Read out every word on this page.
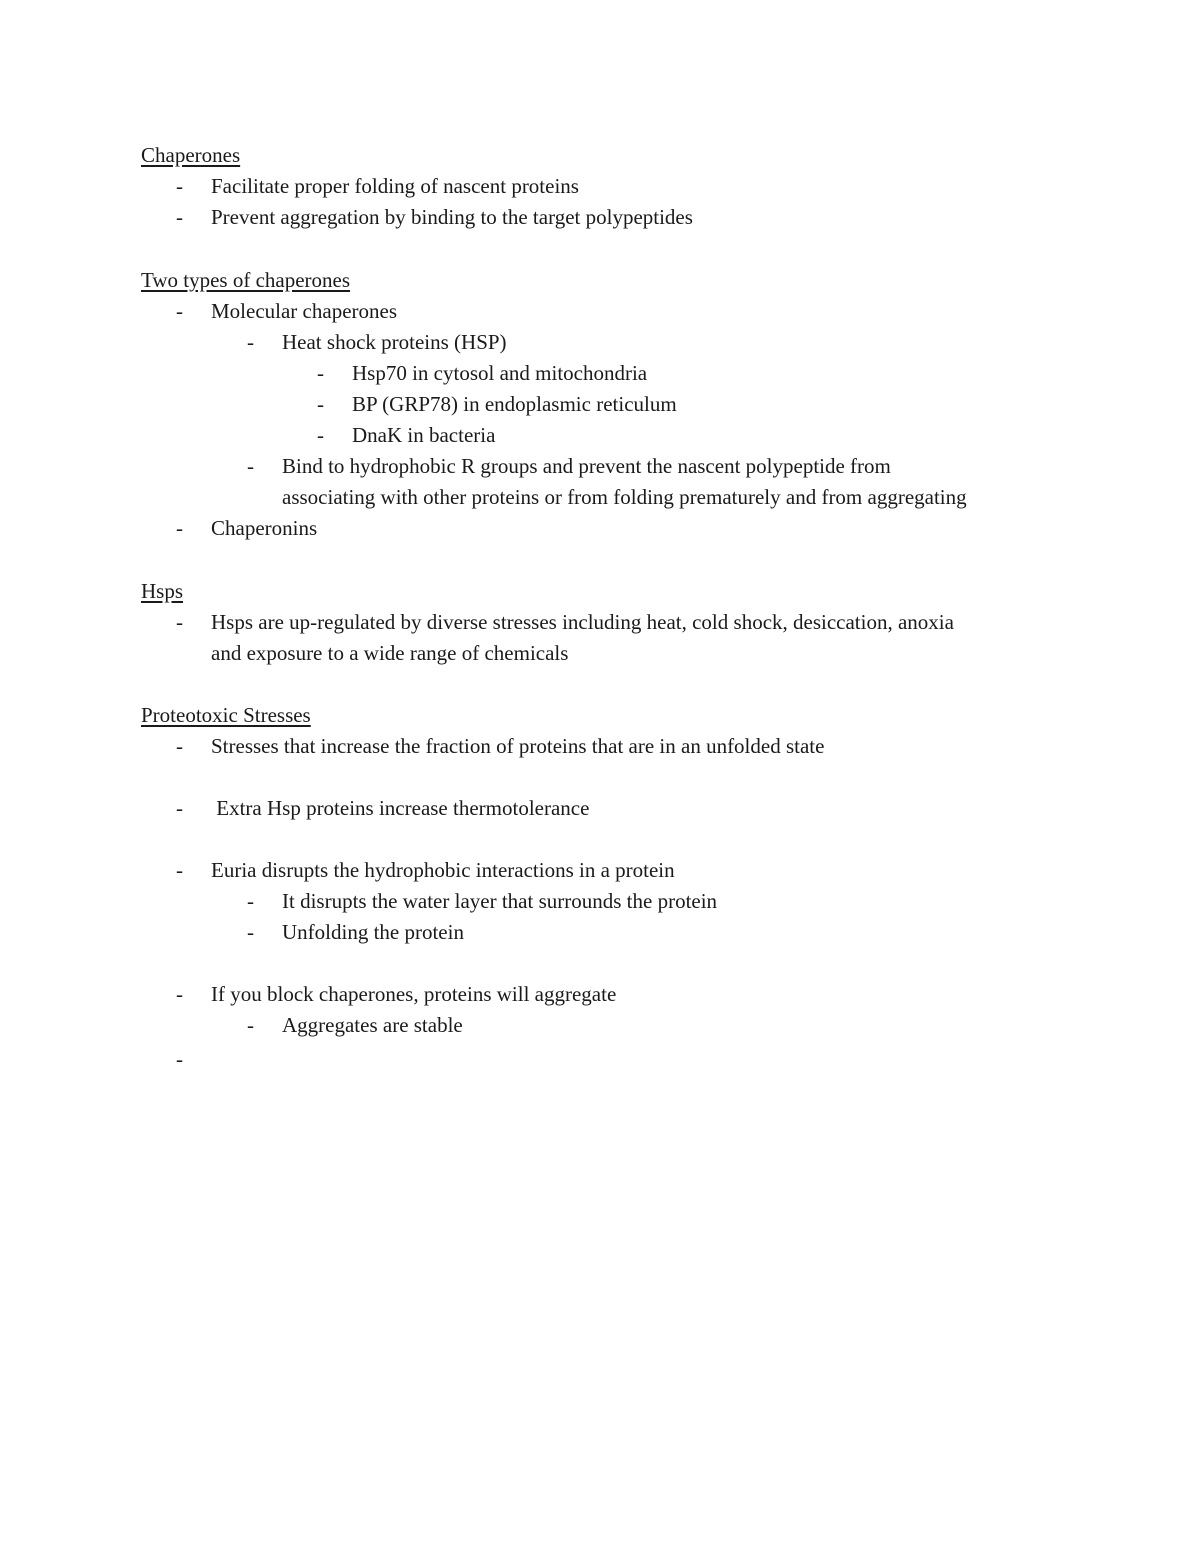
Chaperones
- Facilitate proper folding of nascent proteins
- Prevent aggregation by binding to the target polypeptides
Two types of chaperones
- Molecular chaperones
- Heat shock proteins (HSP)
- Hsp70 in cytosol and mitochondria
- BP (GRP78) in endoplasmic reticulum
- DnaK in bacteria
- Bind to hydrophobic R groups and prevent the nascent polypeptide from
associating with other proteins or from folding prematurely and from aggregating
- Chaperonins
Hsps
- Hsps are up-regulated by diverse stresses including heat, cold shock, desiccation, anoxia
and exposure to a wide range of chemicals
Proteotoxic Stresses
- Stresses that increase the fraction of proteins that are in an unfolded state
- Extra Hsp proteins increase thermotolerance
- Euria disrupts the hydrophobic interactions in a protein
- It disrupts the water layer that surrounds the protein
- Unfolding the protein
- If you block chaperones, proteins will aggregate
- Aggregates are stable
-
